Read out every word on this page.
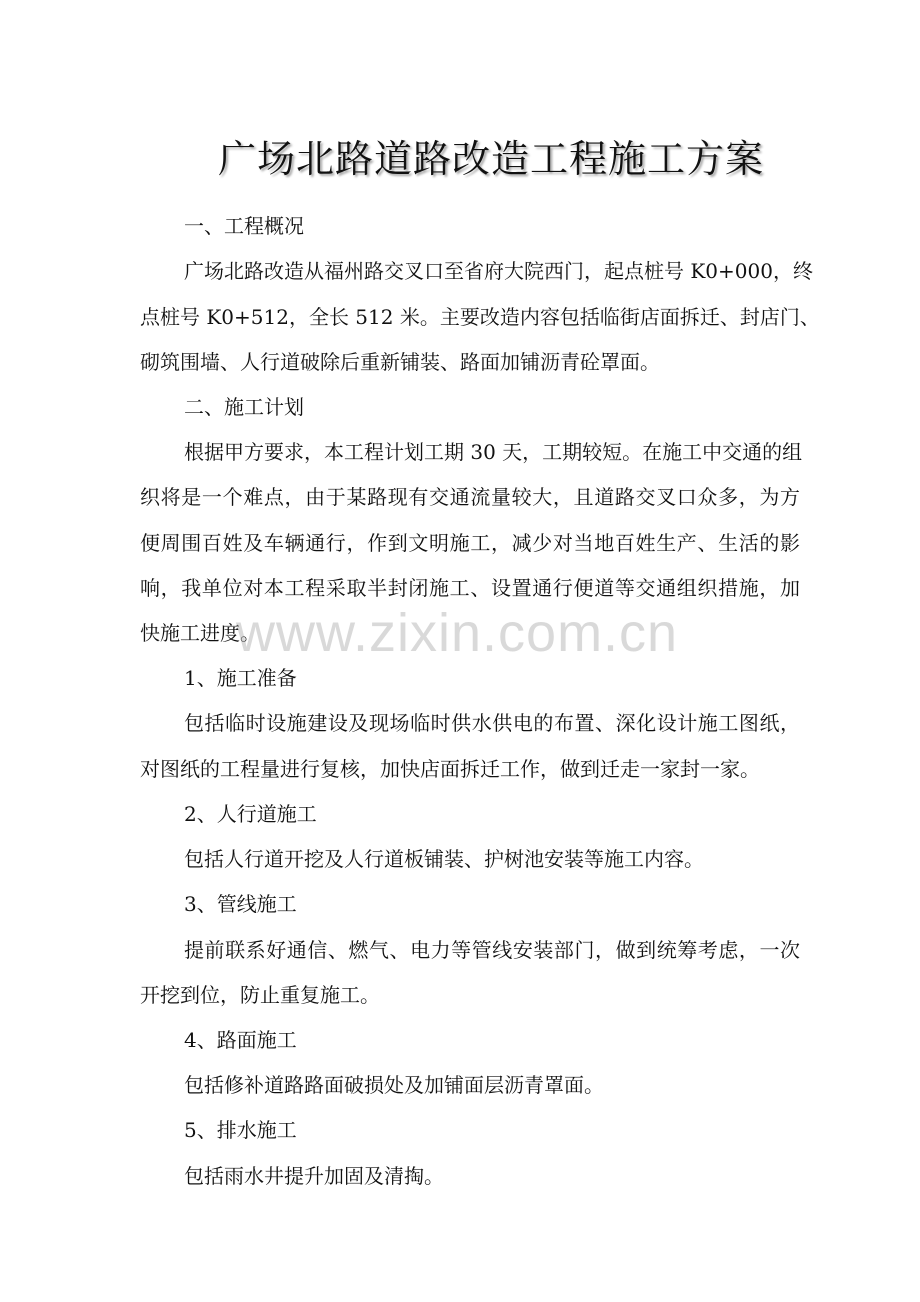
广场北路道路改造工程施工方案
一、工程概况
广场北路改造从福州路交叉口至省府大院西门，起点桩号 K0+000，终
点桩号 K0+512，全长 512 米。主要改造内容包括临街店面拆迁、封店门、
砌筑围墙、人行道破除后重新铺装、路面加铺沥青砼罩面。
二、施工计划
根据甲方要求，本工程计划工期 30 天，工期较短。在施工中交通的组
织将是一个难点，由于某路现有交通流量较大，且道路交叉口众多，为方
便周围百姓及车辆通行，作到文明施工，减少对当地百姓生产、生活的影
响，我单位对本工程采取半封闭施工、设置通行便道等交通组织措施，加
快施工进度。
1、施工准备
包括临时设施建设及现场临时供水供电的布置、深化设计施工图纸，
对图纸的工程量进行复核，加快店面拆迁工作，做到迁走一家封一家。
2、人行道施工
包括人行道开挖及人行道板铺装、护树池安装等施工内容。
3、管线施工
提前联系好通信、燃气、电力等管线安装部门，做到统筹考虑，一次
开挖到位，防止重复施工。
4、路面施工
包括修补道路路面破损处及加铺面层沥青罩面。
5、排水施工
包括雨水井提升加固及清掏。
www.zixin.com.cn
